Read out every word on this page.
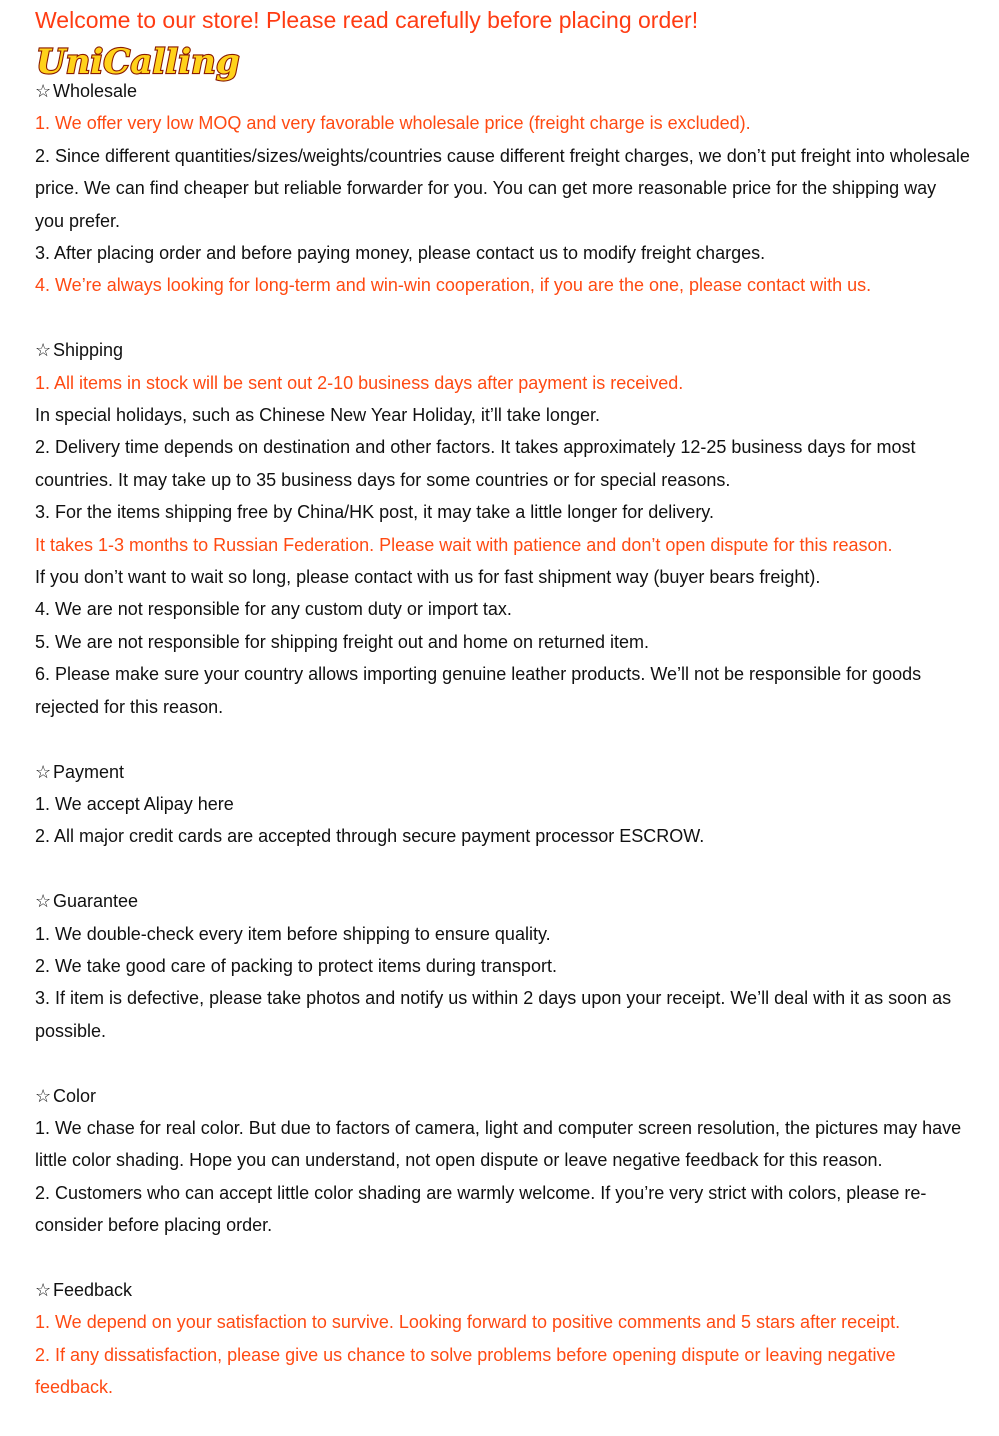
Welcome to our store! Please read carefully before placing order!
UniCalling
☆ Wholesale
1. We offer very low MOQ and very favorable wholesale price (freight charge is excluded).
2. Since different quantities/sizes/weights/countries cause different freight charges, we don’t put freight into wholesale price. We can find cheaper but reliable forwarder for you. You can get more reasonable price for the shipping way you prefer.
3. After placing order and before paying money, please contact us to modify freight charges.
4. We’re always looking for long-term and win-win cooperation, if you are the one, please contact with us.
☆ Shipping
1. All items in stock will be sent out 2-10 business days after payment is received.
In special holidays, such as Chinese New Year Holiday, it’ll take longer.
2. Delivery time depends on destination and other factors. It takes approximately 12-25 business days for most countries. It may take up to 35 business days for some countries or for special reasons.
3. For the items shipping free by China/HK post, it may take a little longer for delivery.
It takes 1-3 months to Russian Federation. Please wait with patience and don’t open dispute for this reason.
If you don’t want to wait so long, please contact with us for fast shipment way (buyer bears freight).
4. We are not responsible for any custom duty or import tax.
5. We are not responsible for shipping freight out and home on returned item.
6. Please make sure your country allows importing genuine leather products. We’ll not be responsible for goods rejected for this reason.
☆ Payment
1. We accept Alipay here
2. All major credit cards are accepted through secure payment processor ESCROW.
☆ Guarantee
1. We double-check every item before shipping to ensure quality.
2. We take good care of packing to protect items during transport.
3. If item is defective, please take photos and notify us within 2 days upon your receipt. We’ll deal with it as soon as possible.
☆ Color
1. We chase for real color. But due to factors of camera, light and computer screen resolution, the pictures may have little color shading. Hope you can understand, not open dispute or leave negative feedback for this reason.
2. Customers who can accept little color shading are warmly welcome. If you’re very strict with colors, please re-consider before placing order.
☆ Feedback
1. We depend on your satisfaction to survive. Looking forward to positive comments and 5 stars after receipt.
2. If any dissatisfaction, please give us chance to solve problems before opening dispute or leaving negative feedback.
